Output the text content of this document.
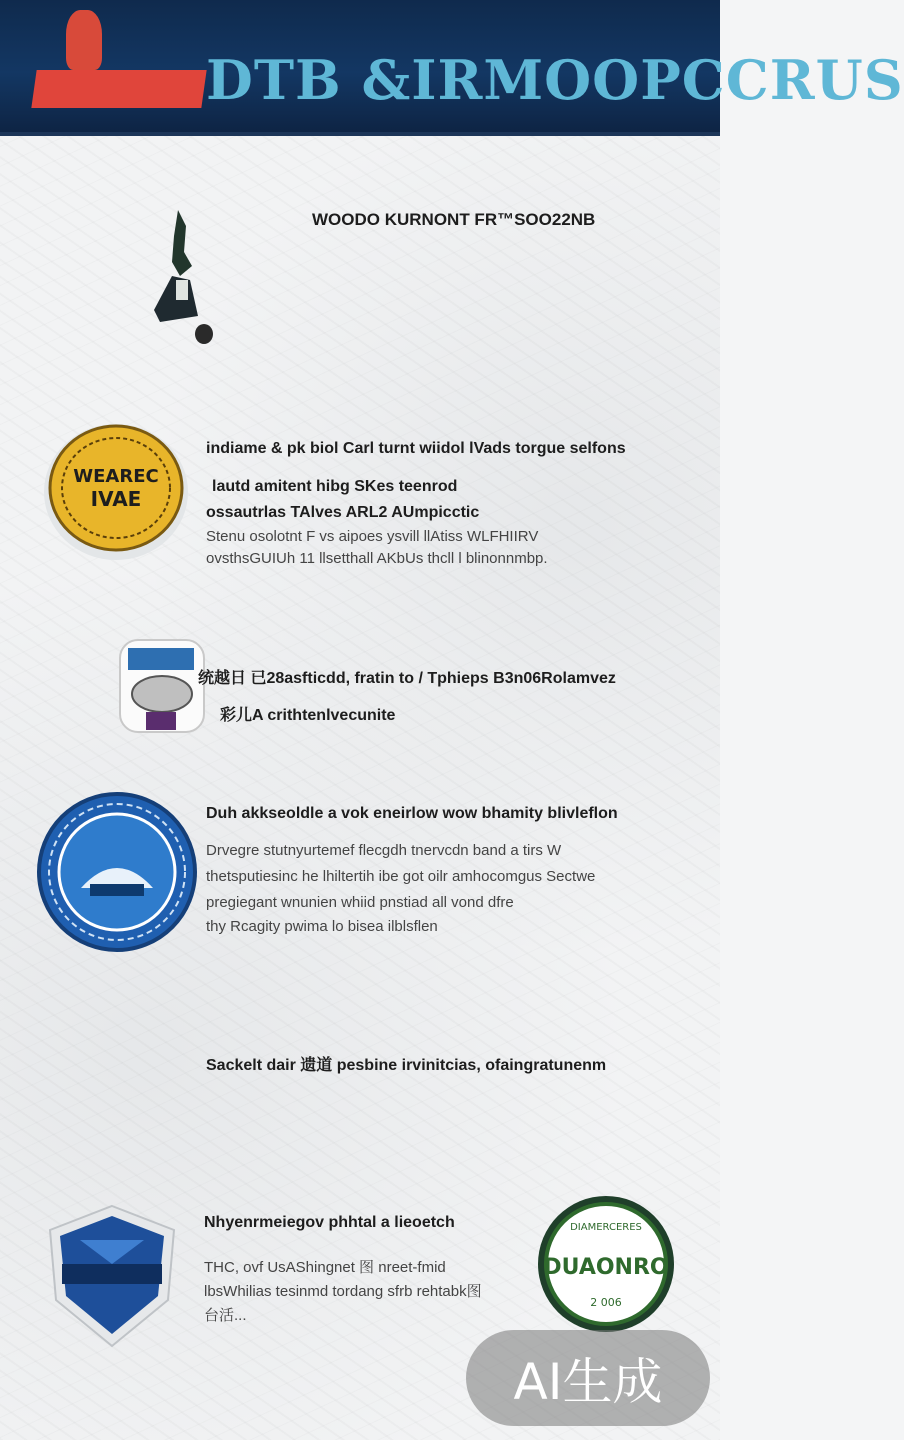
DTB &IRMOOPCCRUS
WOODO KURNONT FR™SOO22NB
WEAREC
IVAE
indiame & pk biol Carl turnt wiidol lVads torgue selfons
lautd amitent hibg SKes teenrod
ossautrlas TAlves ARL2 AUmpicctic
Stenu osolotnt F vs aipoes ysvill llAtiss WLFHIIRV
ovsthsGUIUh 11 llsetthall AKbUs thcll l blinonnmbp.
统越日 已28asfticdd, fratin to / Tphieps B3n06Rolamvez
彩儿A crithtenlvecunite
Duh akkseoldle a vok eneirlow wow bhamity blivleflon
Drvegre stutnyurtemef flecgdh tnervcdn band a tirs W
thetsputiesinc he lhiltertih ibe got oilr amhocomgus Sectwe
pregiegant wnunien whiid pnstiad all vond dfre
thy Rcagity pwima lo bisea ilblsflen
Sackelt dair 遗道 pesbine irvinitcias, ofaingratunenm
Nhyenrmeiegov phhtal a lieoetch
THC, ovf UsAShingnet 图 nreet-fmid
lbsWhilias tesinmd tordang sfrb rehtabk图
台活...
DIAMERCERES
DUAONRO
2 006
AI生成
